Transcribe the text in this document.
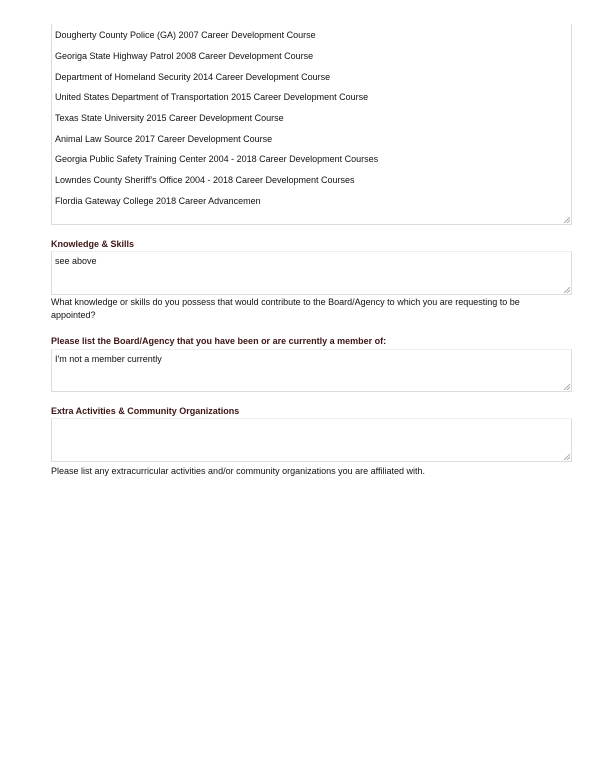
Dougherty County Police (GA) 2007 Career Development Course
Georiga State Highway Patrol 2008 Career Development Course
Department of Homeland Security 2014 Career Development Course
United States Department of Transportation 2015 Career Development Course
Texas State University 2015 Career Development Course
Animal Law Source 2017 Career Development Course
Georgia Public Safety Training Center 2004 - 2018 Career Development Courses
Lowndes County Sheriff's Office 2004 - 2018 Career Development Courses
Flordia Gateway College 2018 Career Advancemen
Knowledge & Skills
see above
What knowledge or skills do you possess that would contribute to the Board/Agency to which you are requesting to be appointed?
Please list the Board/Agency that you have been or are currently a member of:
I'm not a member currently
Extra Activities & Community Organizations
Please list any extracurricular activities and/or community organizations you are affiliated with.
